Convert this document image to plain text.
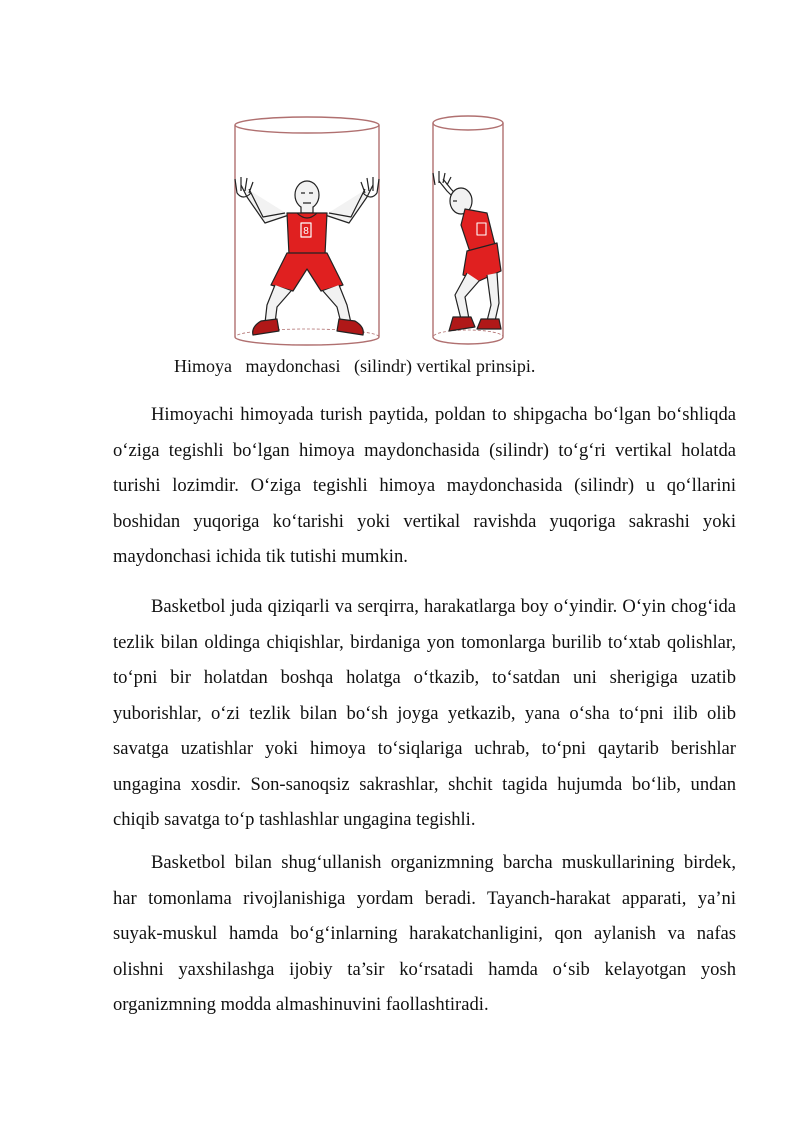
8
Himoya   maydonchasi   (silindr) vertikal prinsipi.

Himoyachi himoyada turish paytida, poldan to shipgacha bo‘lgan bo‘shliqda o‘ziga tegishli bo‘lgan himoya maydonchasida (silindr) to‘g‘ri vertikal holatda turishi lozimdir. O‘ziga tegishli himoya maydonchasida (silindr) u qo‘llarini boshidan yuqoriga ko‘tarishi yoki vertikal ravishda yuqoriga sakrashi yoki maydonchasi ichida tik tutishi mumkin.

Basketbol juda qiziqarli va serqirra, harakatlarga boy o‘yindir. O‘yin chog‘ida tezlik bilan oldinga chiqishlar, birdaniga yon tomonlarga burilib to‘xtab qolishlar, to‘pni bir holatdan boshqa holatga o‘tkazib, to‘satdan uni sherigiga uzatib yuborishlar, o‘zi tezlik bilan bo‘sh joyga yetkazib, yana o‘sha to‘pni ilib olib savatga uzatishlar yoki himoya to‘siqlariga uchrab, to‘pni qaytarib berishlar ungagina xosdir. Son-sanoqsiz sakrashlar, shchit tagida hujumda bo‘lib, undan chiqib savatga to‘p tashlashlar ungagina tegishli.

Basketbol bilan shug‘ullanish organizmning barcha muskullarining birdek, har tomonlama rivojlanishiga yordam beradi. Tayanch-harakat apparati, ya’ni suyak-muskul hamda bo‘g‘inlarning harakatchanligini, qon aylanish va nafas olishni yaxshilashga ijobiy ta’sir ko‘rsatadi hamda o‘sib kelayotgan yosh organizmning modda almashinuvini faollashtiradi.
